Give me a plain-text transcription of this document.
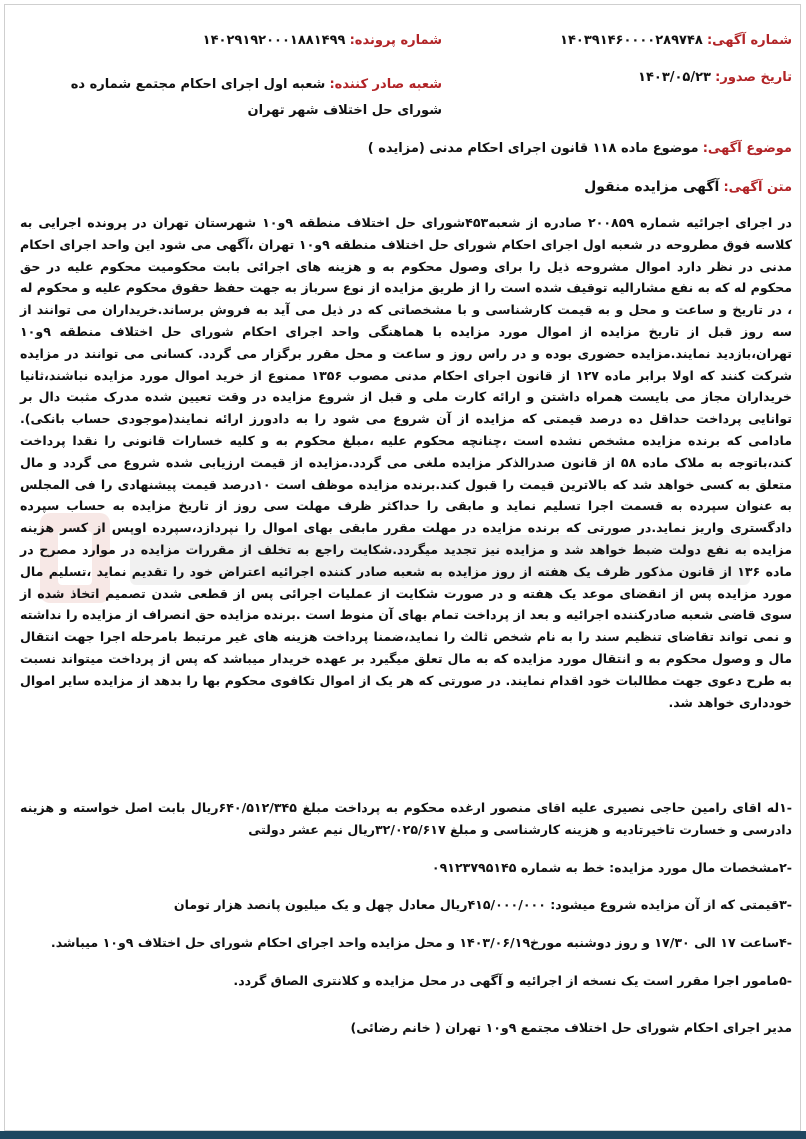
شماره آگهی: ۱۴۰۳۹۱۴۶۰۰۰۰۲۸۹۷۴۸
شماره پرونده: ۱۴۰۲۹۱۹۲۰۰۰۱۸۸۱۴۹۹
تاریخ صدور: ۱۴۰۳/۰۵/۲۳
شعبه صادر کننده: شعبه اول اجرای احکام مجتمع شماره ده شورای حل اختلاف شهر تهران
موضوع آگهی: موضوع ماده ۱۱۸ قانون اجرای احکام مدنی (مزایده )
متن آگهی: آگهی مزایده منقول

در اجرای اجرائیه شماره ۲۰۰۸۵۹ صادره از شعبه۴۵۳شورای حل اختلاف منطقه ۹و۱۰ شهرستان تهران در پرونده اجرایی به کلاسه فوق مطروحه در شعبه اول اجرای احکام شورای حل اختلاف منطقه ۹و۱۰ تهران ،آگهی می شود این واحد اجرای احکام مدنی در نظر دارد اموال مشروحه ذیل را برای وصول محکوم به و هزینه های اجرائی بابت محکومیت محکوم علیه در حق محکوم له که به نفع مشارالیه توقیف شده است را از طریق مزایده از نوع سرباز به جهت حفظ حقوق محکوم علیه و محکوم له ، در تاریخ و ساعت و محل و به قیمت کارشناسی و با مشخصاتی که در ذیل می آید به فروش برساند.خریداران می توانند از سه روز قبل از تاریخ مزایده از اموال مورد مزایده با هماهنگی واحد اجرای احکام شورای حل اختلاف منطقه ۹و۱۰ تهران،بازدید نمایند.مزایده حضوری بوده و در راس روز و ساعت و محل مقرر برگزار می گردد. کسانی می توانند در مزایده شرکت کنند که اولا برابر ماده ۱۲۷ از قانون اجرای احکام مدنی مصوب ۱۳۵۶ ممنوع از خرید اموال مورد مزایده نباشند،ثانیا خریداران مجاز می بایست همراه داشتن و ارائه کارت ملی و قبل از شروع مزایده در وقت تعیین شده مدرک مثبت دال بر توانایی پرداخت حداقل ده درصد قیمتی که مزایده از آن شروع می شود را به دادورز ارائه نمایند(موجودی حساب بانکی). مادامی که برنده مزایده مشخص نشده است ،چنانچه محکوم علیه ،مبلغ محکوم به و کلیه خسارات قانونی را نقدا پرداخت کند،باتوجه به ملاک ماده ۵۸ از قانون صدرالذکر مزایده ملغی می گردد.مزایده از قیمت ارزیابی شده شروع می گردد و مال متعلق به کسی خواهد شد که بالاترین قیمت را قبول کند.برنده مزایده موظف است ۱۰درصد قیمت پیشنهادی را فی المجلس به عنوان سپرده به قسمت اجرا تسلیم نماید و مابقی را حداکثر ظرف مهلت سی روز از تاریخ مزایده به حساب سپرده دادگستری واریز نماید.در صورتی که برنده مزایده در مهلت مقرر مابقی بهای اموال را نپردازد،سپرده اوپس از کسر هزینه مزایده به نفع دولت ضبط خواهد شد و مزایده نیز تجدید میگردد.شکایت راجع به تخلف از مقررات مزایده در موارد مصرح در ماده ۱۳۶ از قانون مذکور ظرف یک هفته از روز مزایده به شعبه صادر کننده اجرائیه اعتراض خود را تقدیم نماید ،تسلیم مال مورد مزایده پس از انقضای موعد یک هفته و در صورت شکایت از عملیات اجرائی پس از قطعی شدن تصمیم اتخاذ شده از سوی قاضی شعبه صادرکننده اجرائیه و بعد از پرداخت تمام بهای آن منوط است .برنده مزایده حق انصراف از مزایده را نداشته و نمی تواند تقاضای تنظیم سند را به نام شخص ثالث را نماید،ضمنا پرداخت هزینه های غیر مرتبط بامرحله اجرا جهت انتقال مال و وصول محکوم به و انتقال مورد مزایده که به مال تعلق میگیرد بر عهده خریدار میباشد که پس از پرداخت میتواند نسبت به طرح دعوی جهت مطالبات خود اقدام نمایند. در صورتی که هر یک از اموال تکافوی محکوم بها را بدهد از مزایده سایر اموال خودداری خواهد شد.

-۱له اقای رامین حاجی نصیری علیه اقای منصور ارغده محکوم به پرداخت مبلغ ۶۴۰/۵۱۲/۳۴۵ریال بابت اصل خواسته و هزینه دادرسی و خسارت تاخیرتادیه و هزینه کارشناسی و مبلغ ۳۲/۰۲۵/۶۱۷ریال نیم عشر دولتی

-۲مشخصات مال مورد مزایده: خط به شماره ۰۹۱۲۳۷۹۵۱۴۵

-۳قیمتی که از آن مزایده شروع میشود: ۴۱۵/۰۰۰/۰۰۰ریال معادل چهل و یک میلیون پانصد هزار تومان

-۴ساعت ۱۷ الی ۱۷/۳۰ و روز دوشنبه مورخ۱۴۰۳/۰۶/۱۹ و محل مزایده واحد اجرای احکام شورای حل اختلاف ۹و۱۰ میباشد.

-۵مامور اجرا مقرر است یک نسخه از اجرائیه و آگهی در محل مزایده و کلانتری الصاق گردد.

مدیر اجرای احکام شورای حل اختلاف مجتمع ۹و۱۰ تهران ( خانم رضائی)
